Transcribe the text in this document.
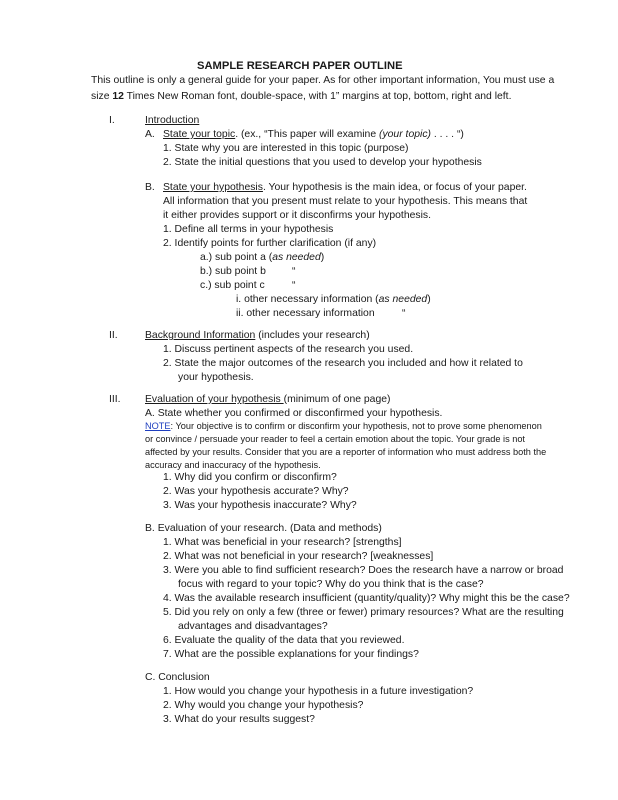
SAMPLE RESEARCH PAPER OUTLINE
This outline is only a general guide for your paper. As for other important information, You must use a
size 12 Times New Roman font, double-space, with 1” margins at top, bottom, right and left.
I.	Introduction
A. State your topic. (ex., “This paper will examine (your topic) . . . . “)
1. State why you are interested in this topic (purpose)
2. State the initial questions that you used to develop your hypothesis
B. State your hypothesis. Your hypothesis is the main idea, or focus of your paper.
All information that you present must relate to your hypothesis. This means that
it either provides support or it disconfirms your hypothesis.
1. Define all terms in your hypothesis
2. Identify points for further clarification (if any)
a.) sub point a (as needed)
b.) sub point b	“
c.) sub point c	“
i. other necessary information (as needed)
ii. other necessary information	“
II.	Background Information (includes your research)
1. Discuss pertinent aspects of the research you used.
2. State the major outcomes of the research you included and how it related to
your hypothesis.
III. Evaluation of your hypothesis (minimum of one page)
A. State whether you confirmed or disconfirmed your hypothesis.
NOTE: Your objective is to confirm or disconfirm your hypothesis, not to prove some phenomenon
or convince / persuade your reader to feel a certain emotion about the topic. Your grade is not
affected by your results. Consider that you are a reporter of information who must address both the
accuracy and inaccuracy of the hypothesis.
1. Why did you confirm or disconfirm?
2. Was your hypothesis accurate? Why?
3. Was your hypothesis inaccurate? Why?
B. Evaluation of your research. (Data and methods)
1. What was beneficial in your research? [strengths]
2. What was not beneficial in your research? [weaknesses]
3. Were you able to find sufficient research? Does the research have a narrow or broad
focus with regard to your topic? Why do you think that is the case?
4. Was the available research insufficient (quantity/quality)? Why might this be the case?
5. Did you rely on only a few (three or fewer) primary resources? What are the resulting
advantages and disadvantages?
6. Evaluate the quality of the data that you reviewed.
7. What are the possible explanations for your findings?
C. Conclusion
1. How would you change your hypothesis in a future investigation?
2. Why would you change your hypothesis?
3. What do your results suggest?
